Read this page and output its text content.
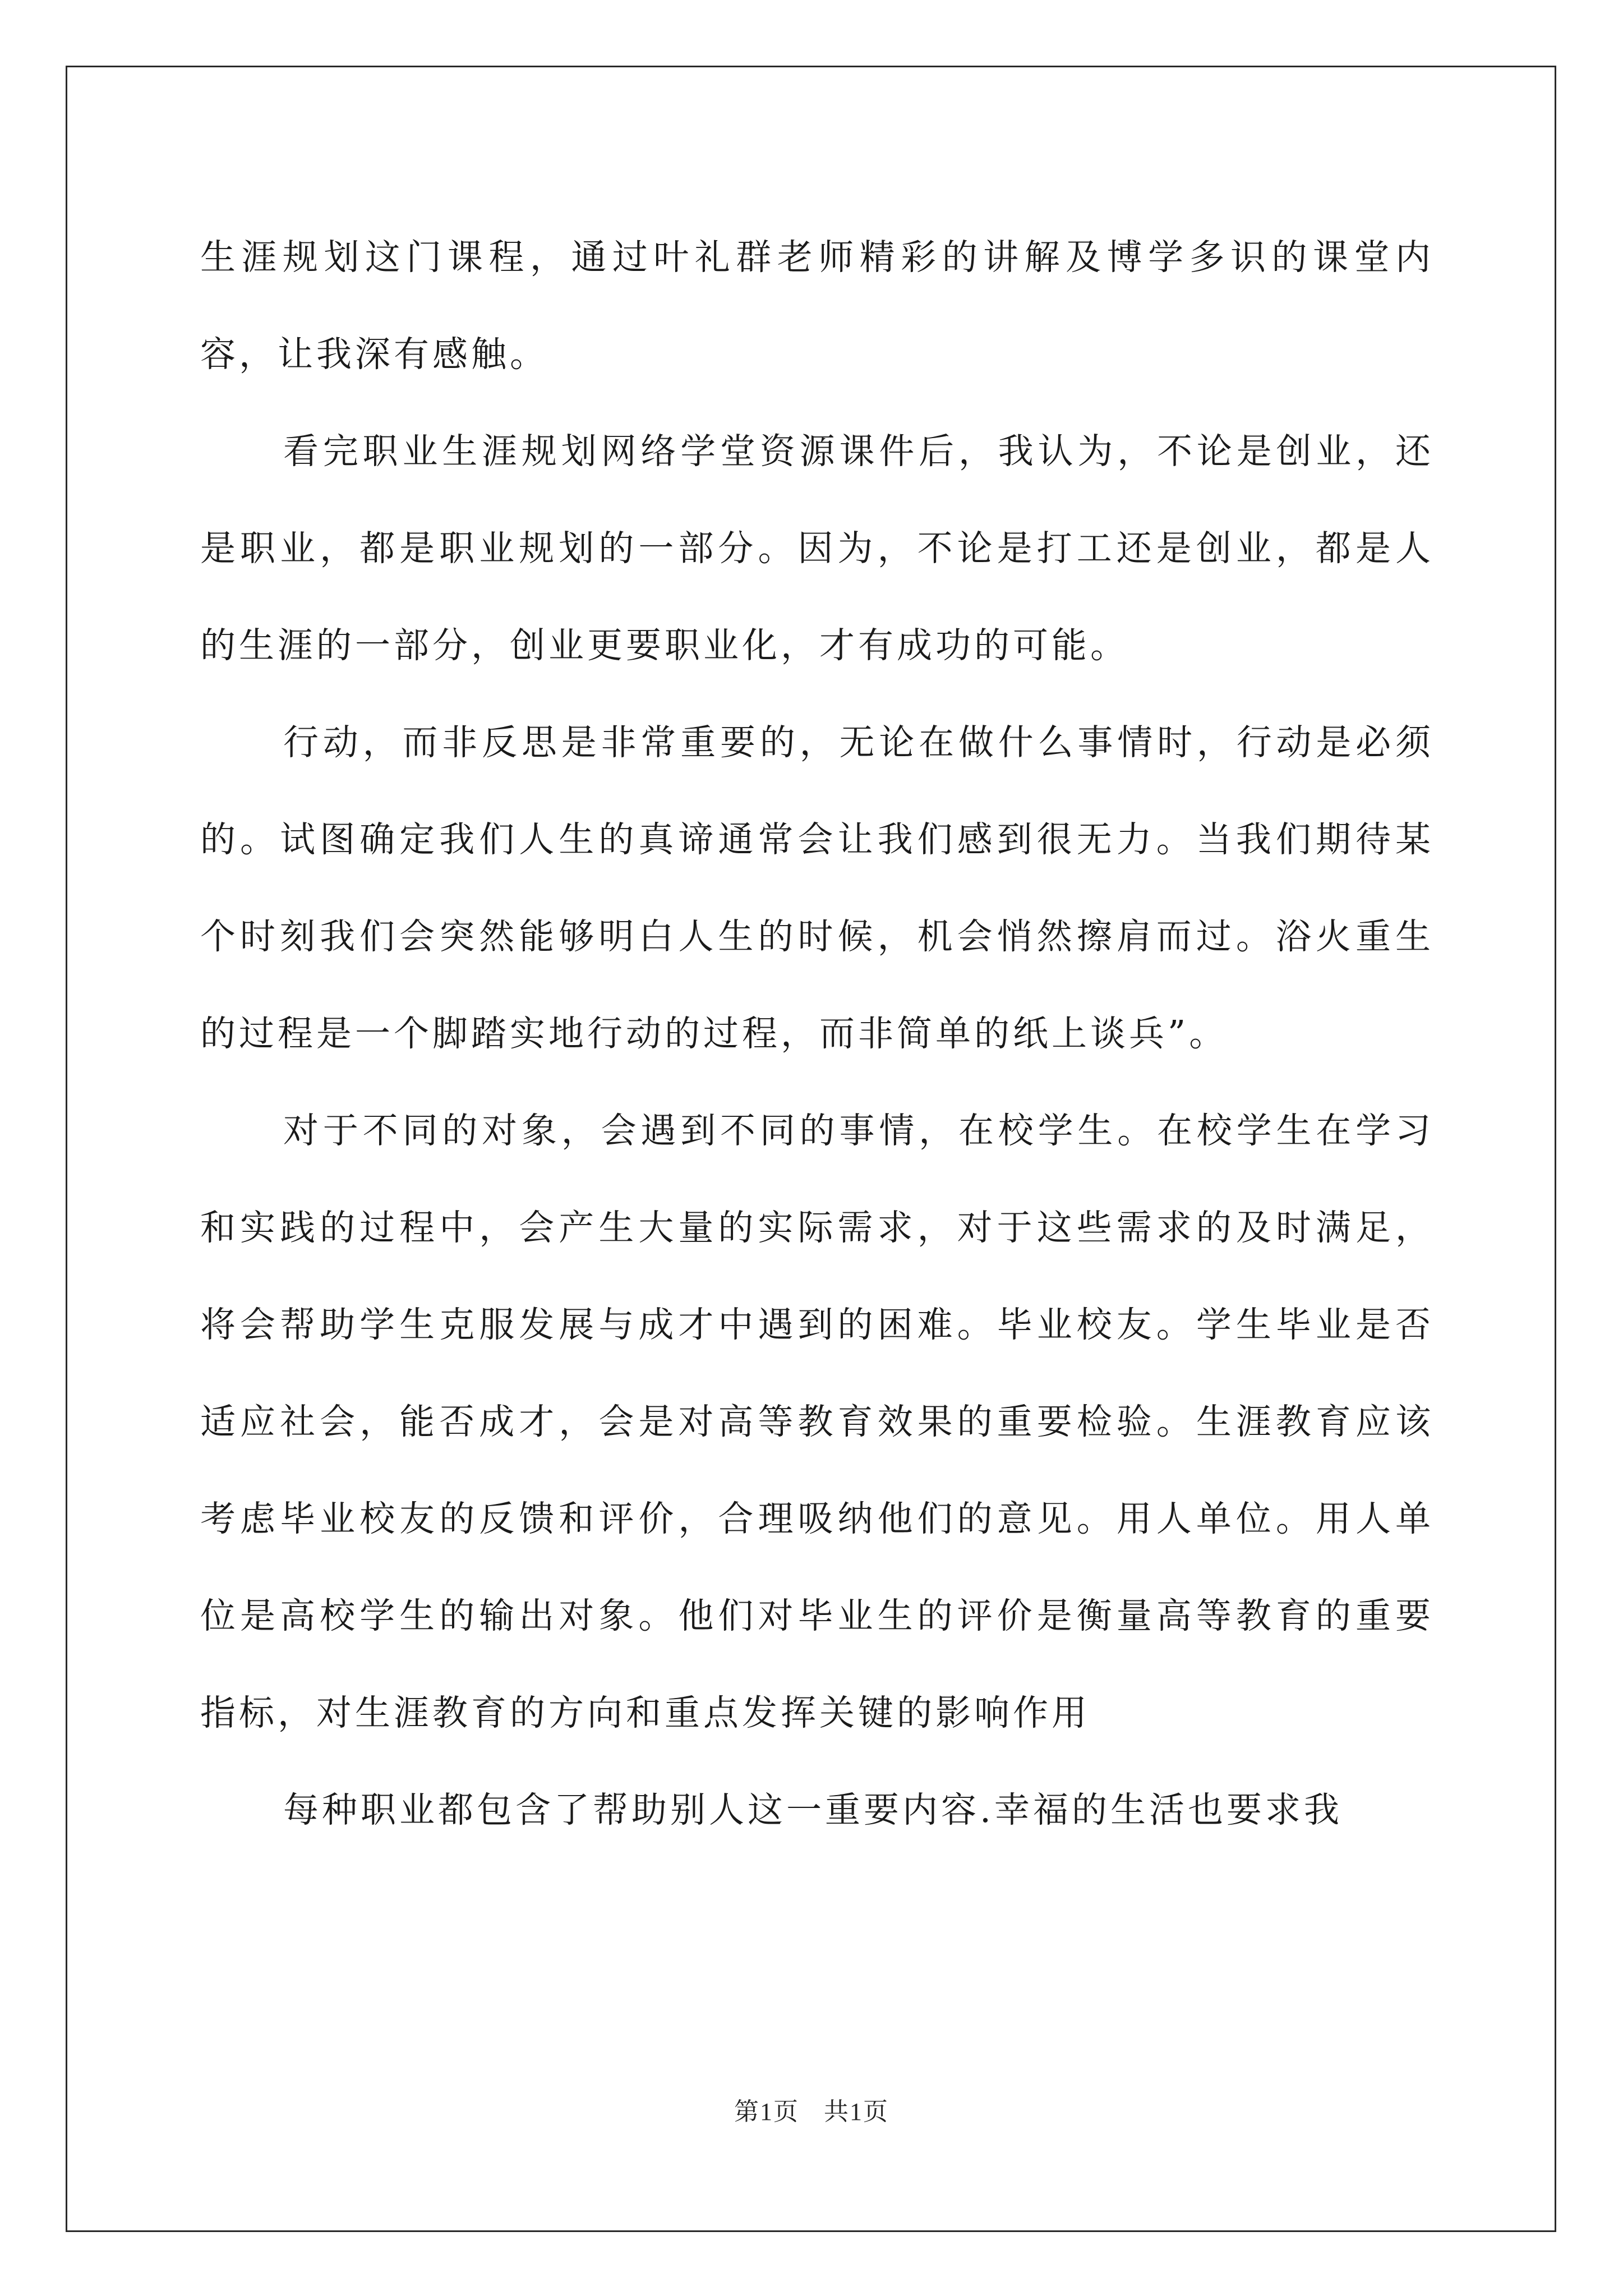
生涯规划这门课程，通过叶礼群老师精彩的讲解及博学多识的课堂内容，让我深有感触。

看完职业生涯规划网络学堂资源课件后，我认为，不论是创业，还是职业，都是职业规划的一部分。因为，不论是打工还是创业，都是人的生涯的一部分，创业更要职业化，才有成功的可能。

行动，而非反思是非常重要的，无论在做什么事情时，行动是必须的。试图确定我们人生的真谛通常会让我们感到很无力。当我们期待某个时刻我们会突然能够明白人生的时候，机会悄然擦肩而过。浴火重生的过程是一个脚踏实地行动的过程，而非简单的纸上谈兵”。

对于不同的对象，会遇到不同的事情，在校学生。在校学生在学习和实践的过程中，会产生大量的实际需求，对于这些需求的及时满足，将会帮助学生克服发展与成才中遇到的困难。毕业校友。学生毕业是否适应社会，能否成才，会是对高等教育效果的重要检验。生涯教育应该考虑毕业校友的反馈和评价，合理吸纳他们的意见。用人单位。用人单位是高校学生的输出对象。他们对毕业生的评价是衡量高等教育的重要指标，对生涯教育的方向和重点发挥关键的影响作用

每种职业都包含了帮助别人这一重要内容.幸福的生活也要求我

第1页 共1页
